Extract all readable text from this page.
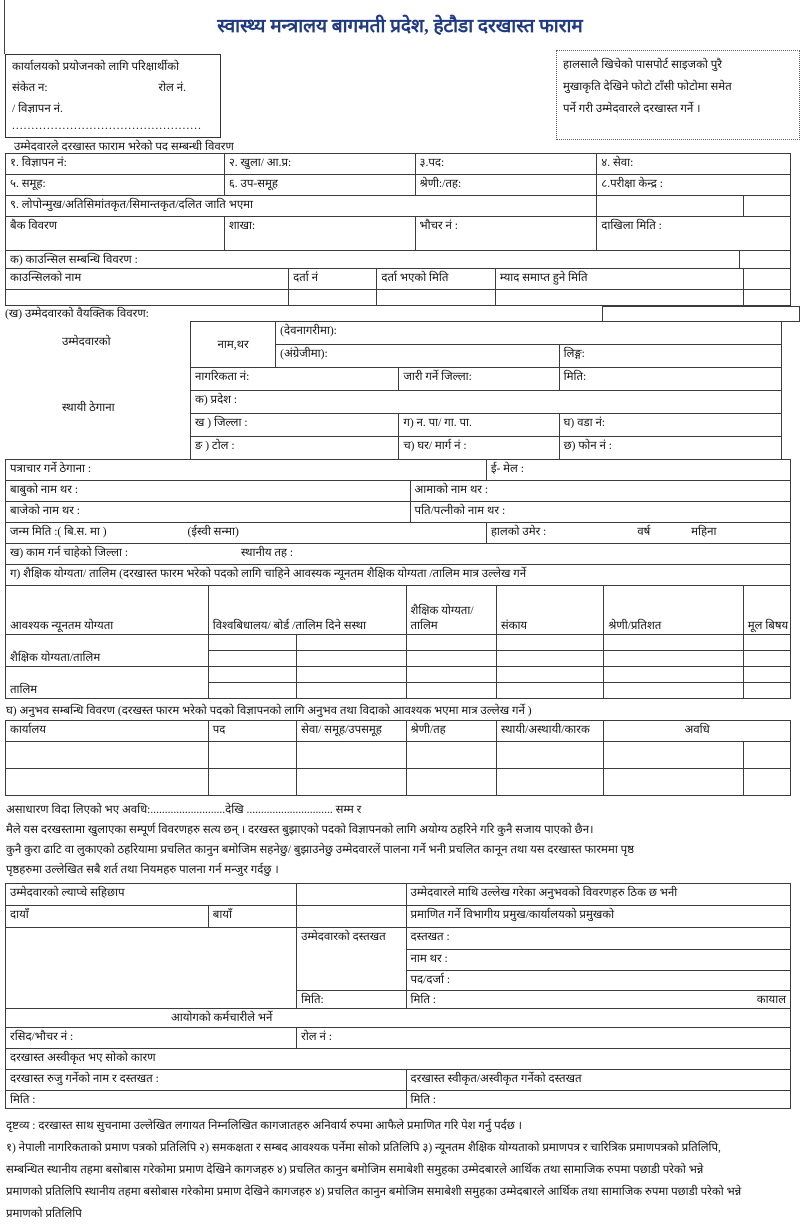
स्वास्थ्य मन्त्रालय बागमती प्रदेश, हेटौडा दरखास्त फाराम
कार्यालयको प्रयोजनको लागि परिक्षार्थीको
संकेत न:	रोल नं.
/ विज्ञापन नं.
.................................................
हालसालै खिचेको पासपोर्ट साइजको पुरै
मुखाकृति देखिने फोटो टाँसी फोटोमा समेत
पर्ने गरी उम्मेदवारले दरखास्त गर्ने ।
उम्मेदवारले दरखास्त फाराम भरेको पद सम्बन्धी विवरण
१. विज्ञापन नं:	२. खुला/ आ.प्र:	३.पद:	४. सेवा:	
५. समूह:	६. उप-समूह	श्रेणी:/तह:	८.परीक्षा केन्द्र :	
९. लोपोन्मुख/अतिसिमांतकृत/सिमान्तकृत/दलित जाति भएमा				
बैक विवरण	शाखा:	भौचर नं :	दाखिला मिति :	
क) काउन्सिल सम्बन्धि विवरण :	
काउन्सिलको नाम	दर्ता नं	दर्ता भएको मिति	म्याद समाप्त हुने मिति	

(ख) उम्मेदवारको वैयक्तिक विवरण:
उम्मेदवारको
स्थायी ठेगाना
नाम,थर	(देवनागरीमा):		
	(अंग्रेजीमा):		लिङ्ग:
नागरिकता नं:		जारी गर्ने जिल्ला:	मिति:
क) प्रदेश :			
ख ) जिल्ला :		ग) न. पा/ गा. पा.	घ) वडा नं:
ङ ) टोल :		च) घर/ मार्ग नं :	छ) फोन नं :
पत्राचार गर्ने ठेगाना :	ई- मेल :
बाबुको नाम थर :	आमाको नाम थर :
बाजेको नाम थर :	पति/पत्नीको नाम थर :
जन्म मिति :( बि.स. मा )	(ईस्वी सन्मा)	हालको उमेर :	वर्ष	महिना
ख) काम गर्न चाहेको जिल्ला :	स्थानीय तह :
ग) शैक्षिक योग्यता/ तालिम (दरखास्त फारम भरेको पदको लागि चाहिने आवस्यक न्यूनतम शैक्षिक योग्यता /तालिम मात्र उल्लेख गर्ने
आवश्यक न्यूनतम योग्यता	विश्वबिधालय/ बोर्ड /तालिम दिने सस्था		शैक्षिक योग्यता/तालिम	संकाय	श्रेणी/प्रतिशत	मूल बिषय
शैक्षिक योग्यता/तालिम						

तालिम						

घ) अनुभव सम्बन्धि विवरण (दरखस्त फारम भरेको पदको विज्ञापनको लागि अनुभव तथा विदाको आवश्यक भएमा मात्र उल्लेख गर्ने )
कार्यालय	पद	सेवा/ समूह/उपसमूह	श्रेणी/तह	स्थायी/अस्थायी/कारक	अवधि	

असाधारण विदा लिएको भए अवधि:..........................देखि .............................. सम्म र
मैले यस दरखस्तामा खुलाएका सम्पूर्ण विवरणहरु सत्य छन् । दरखस्त बुझाएको पदको विज्ञापनको लागि अयोग्य ठहरिने गरि कुनै सजाय पाएको छैन।
कुनै कुरा ढाटि वा लुकाएको ठहरियामा प्रचलित कानुन बमोजिम सहनेछु/ बुझाउनेछु उम्मेदवारलें पालना गर्ने भनी प्रचलित कानून तथा यस दरखास्त फारममा पृष्ठ
पृष्ठहरुमा उल्लेखित सबै शर्त तथा नियमहरु पालना गर्न मन्जुर गर्दछु ।
उम्मेदवारको ल्याप्चे सहिछाप			उम्मेदवारले माथि उल्लेख गरेका अनुभवको विवरणहरु ठिक छ भनी
दायाँ	बायाँ		प्रमाणित गर्ने विभागीय प्रमुख/कार्यालयको प्रमुखको
		उम्मेदवारको दस्तखत	दस्तखत :
			नाम थर :
			पद/दर्जा :
		मिति:	मिति : कायाल
आयोगको कर्मचारीले भर्ने
रसिद/भौचर नं :	रोल नं :
दरखास्त अस्वीकृत भए सोको कारण
दरखास्त रुजु गर्नेको नाम र दस्तखत :	दरखास्त स्वीकृत/अस्वीकृत गर्नेको दस्तखत
मिति :	मिति :
दृष्टव्य : दरखास्त साथ सुचनामा उल्लेखित लगायत निम्नलिखित कागजातहरु अनिवार्य रुपमा आफैले प्रमाणित गरि पेश गर्नु पर्दछ ।
१) नेपाली नागरिकताको प्रमाण पत्रको प्रतिलिपि २) समकक्षता र सम्बद आवश्यक पर्नेमा सोको प्रतिलिपि ३) न्यूनतम शैक्षिक योग्यताको प्रमाणपत्र र चारित्रिक प्रमाणपत्रको प्रतिलिपि,
सम्बन्धित स्थानीय तहमा बसोबास गरेकोमा प्रमाण देखिने कागजहरु ४) प्रचलित कानुन बमोजिम समाबेशी समुहका उम्मेदबारले आर्थिक तथा सामाजिक रुपमा पछाडी परेको भन्ने
प्रमाणको प्रतिलिपि स्थानीय तहमा बसोबास गरेकोमा प्रमाण देखिने कागजहरु ४) प्रचलित कानुन बमोजिम समाबेशी समुहका उम्मेदबारले आर्थिक तथा सामाजिक रुपमा पछाडी परेको भन्ने
प्रमाणको प्रतिलिपि
